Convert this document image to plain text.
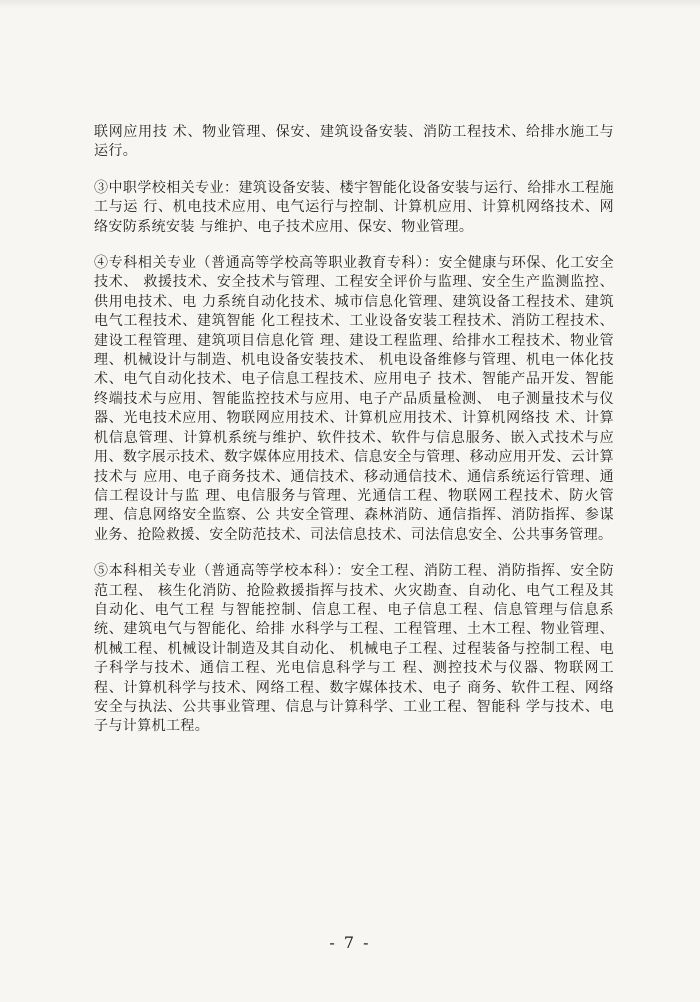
联网应用技 术、物业管理、保安、建筑设备安装、消防工程技术、给排水施工与运行。

③中职学校相关专业：建筑设备安装、楼宇智能化设备安装与运行、给排水工程施工与运 行、机电技术应用、电气运行与控制、计算机应用、计算机网络技术、网络安防系统安装 与维护、电子技术应用、保安、物业管理。

④专科相关专业（普通高等学校高等职业教育专科）：安全健康与环保、化工安全技术、 救援技术、安全技术与管理、工程安全评价与监理、安全生产监测监控、供用电技术、电 力系统自动化技术、城市信息化管理、建筑设备工程技术、建筑电气工程技术、建筑智能 化工程技术、工业设备安装工程技术、消防工程技术、建设工程管理、建筑项目信息化管 理、建设工程监理、给排水工程技术、物业管理、机械设计与制造、机电设备安装技术、 机电设备维修与管理、机电一体化技术、电气自动化技术、电子信息工程技术、应用电子 技术、智能产品开发、智能终端技术与应用、智能监控技术与应用、电子产品质量检测、 电子测量技术与仪器、光电技术应用、物联网应用技术、计算机应用技术、计算机网络技 术、计算机信息管理、计算机系统与维护、软件技术、软件与信息服务、嵌入式技术与应 用、数字展示技术、数字媒体应用技术、信息安全与管理、移动应用开发、云计算技术与 应用、电子商务技术、通信技术、移动通信技术、通信系统运行管理、通信工程设计与监 理、电信服务与管理、光通信工程、物联网工程技术、防火管理、信息网络安全监察、公 共安全管理、森林消防、通信指挥、消防指挥、参谋业务、抢险救援、安全防范技术、司法信息技术、司法信息安全、公共事务管理。

⑤本科相关专业（普通高等学校本科）：安全工程、消防工程、消防指挥、安全防范工程、 核生化消防、抢险救援指挥与技术、火灾勘查、自动化、电气工程及其自动化、电气工程 与智能控制、信息工程、电子信息工程、信息管理与信息系统、建筑电气与智能化、给排 水科学与工程、工程管理、土木工程、物业管理、机械工程、机械设计制造及其自动化、 机械电子工程、过程装备与控制工程、电子科学与技术、通信工程、光电信息科学与工 程、测控技术与仪器、物联网工程、计算机科学与技术、网络工程、数字媒体技术、电子 商务、软件工程、网络安全与执法、公共事业管理、信息与计算科学、工业工程、智能科 学与技术、电子与计算机工程。

- 7 -
